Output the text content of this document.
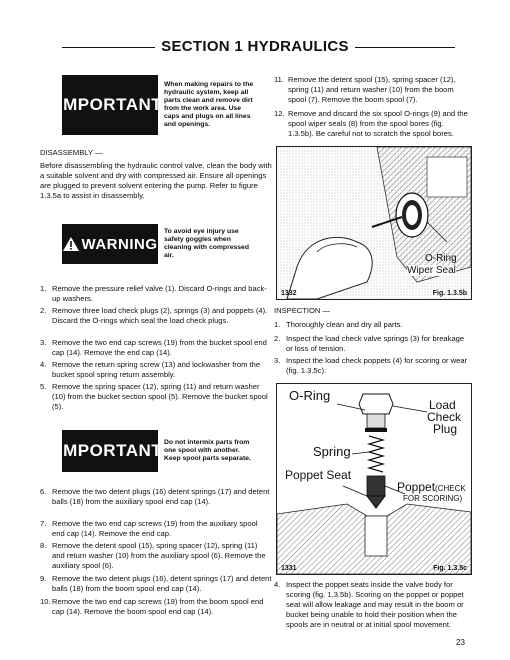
SECTION 1 HYDRAULICS
IMPORTANT
When making repairs to the hydraulic system, keep all parts clean and remove dirt from the work area. Use caps and plugs on all lines and openings.
DISASSEMBLY —
Before disassembling the hydraulic control valve, clean the body with a suitable solvent and dry with compressed air. Ensure all openings are plugged to prevent solvent entering the pump. Refer to figure 1.3.5a to assist in disassembly.
WARNING
To avoid eye injury use safety goggles when cleaning with compressed air.
1. Remove the pressure relief valve (1). Discard O-rings and back-up washers.
2. Remove three load check plugs (2), springs (3) and poppets (4). Discard the O-rings which seal the load check plugs.
3. Remove the two end cap screws (19) from the bucket spool end cap (14). Remove the end cap (14).
4. Remove the return spring screw (13) and lockwasher from the bucket spool spring return assembly.
5. Remove the spring spacer (12), spring (11) and return washer (10) from the bucket section spool (5). Remove the bucket spool (5).
IMPORTANT Do not intermix parts from one spool with another. Keep spool parts separate.
6. Remove the two detent plugs (16) detent springs (17) and detent balls (18) from the auxiliary spool end cap (14).
7. Remove the two end cap screws (19) from the auxiliary spool end cap (14). Remove the end cap.
8. Remove the detent spool (15), spring spacer (12), spring (11) and return washer (10) from the auxiliary spool (6). Remove the auxiliary spool (6).
9. Remove the two detent plugs (16), detent springs (17) and detent balls (18) from the boom spool end cap (14).
10. Remove the two end cap screws (19) from the boom spool end cap (14). Remove the boom spool end cap (14).
11. Remove the detent spool (15), spring spacer (12), spring (11) and return washer (10) from the boom spool (7). Remove the boom spool (7).
12. Remove and discard the six spool O-rings (9) and the spool wiper seals (8) from the spool bores (fig. 1.3.5b). Be careful not to scratch the spool bores.
O-Ring
Wiper Seal
1332	Fig. 1.3.5b
INSPECTION —
1. Thoroughly clean and dry all parts.
2. Inspect the load check valve springs (3) for breakage or loss of tension.
3. Inspect the load check poppets (4) for scoring or wear (fig. 1.3.5c).
O-Ring
Load
Check
Plug
Spring
Poppet Seat
Poppet(CHECK
FOR SCORING)
1331	Fig. 1.3.5c
4. Inspect the poppet seats inside the valve body for scoring (fig. 1.3.5b). Scoring on the poppet or poppet seat will allow leakage and may result in the boom or bucket being unable to hold their position when the spools are in neutral or at initial spool movement.
23
